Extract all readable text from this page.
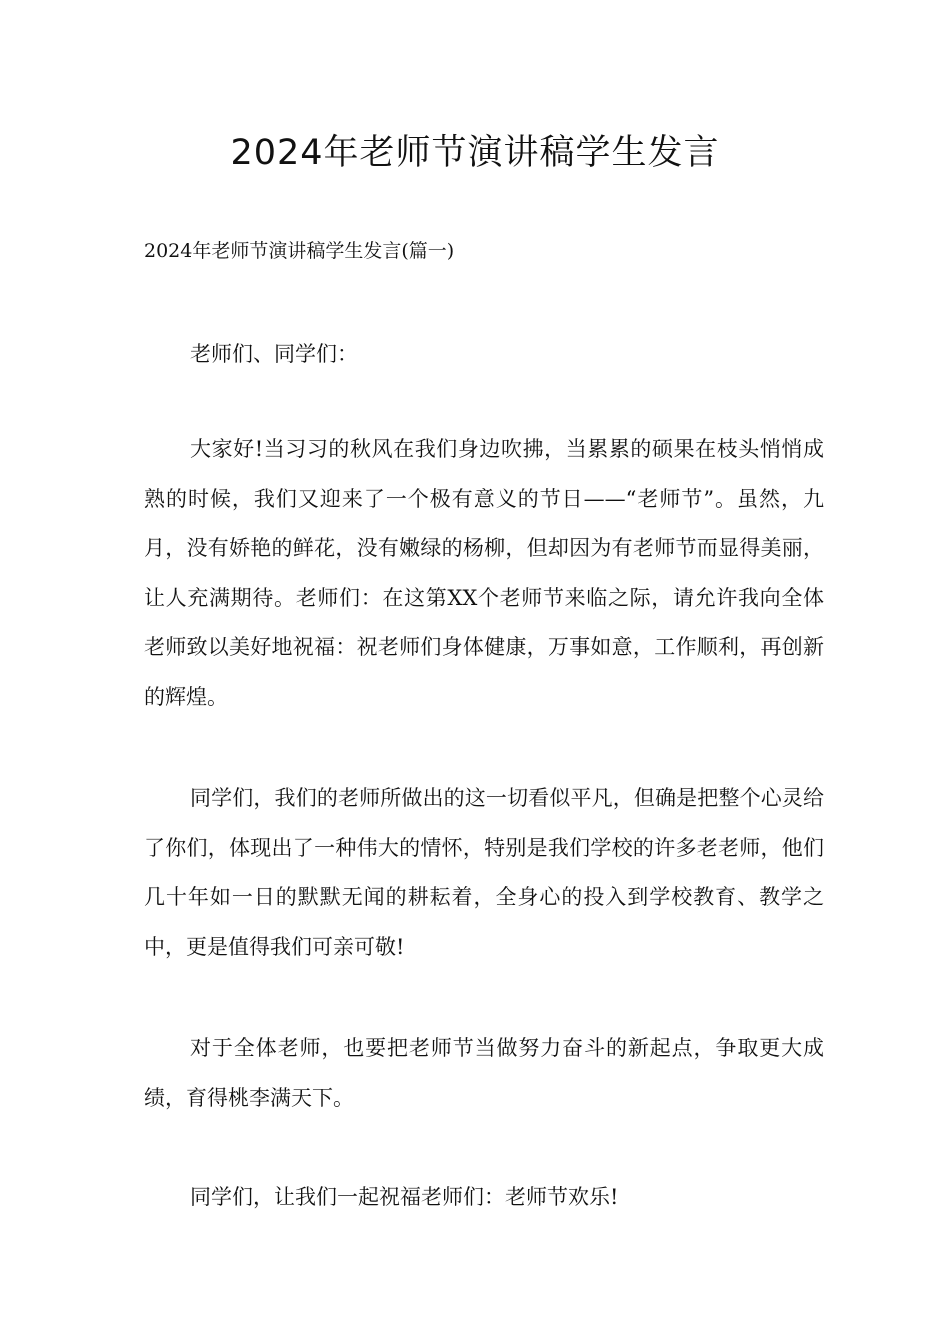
2024年老师节演讲稿学生发言

2024年老师节演讲稿学生发言(篇一)

老师们、同学们：

大家好!当习习的秋风在我们身边吹拂，当累累的硕果在枝头悄悄成熟的时候，我们又迎来了一个极有意义的节日——“老师节”。虽然，九月，没有娇艳的鲜花，没有嫩绿的杨柳，但却因为有老师节而显得美丽，让人充满期待。老师们：在这第XX个老师节来临之际，请允许我向全体老师致以美好地祝福：祝老师们身体健康，万事如意，工作顺利，再创新的辉煌。

同学们，我们的老师所做出的这一切看似平凡，但确是把整个心灵给了你们，体现出了一种伟大的情怀，特别是我们学校的许多老老师，他们几十年如一日的默默无闻的耕耘着，全身心的投入到学校教育、教学之中，更是值得我们可亲可敬!

对于全体老师，也要把老师节当做努力奋斗的新起点，争取更大成绩，育得桃李满天下。

同学们，让我们一起祝福老师们：老师节欢乐!
